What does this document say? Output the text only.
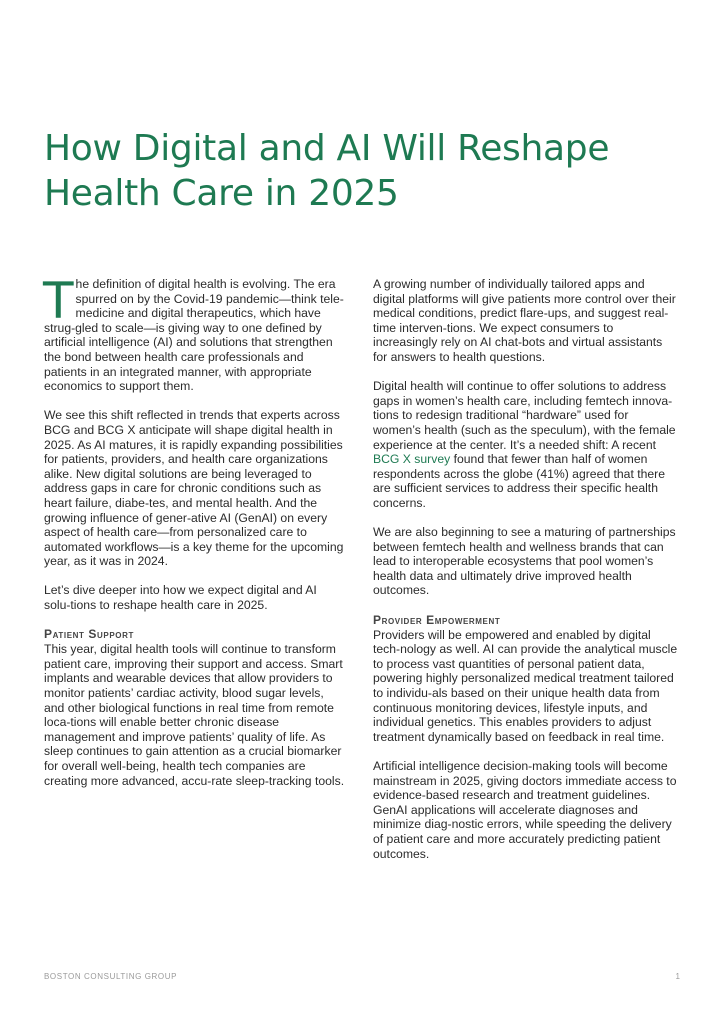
How Digital and AI Will Reshape
Health Care in 2025

The definition of digital health is evolving. The era spurred on by the Covid-19 pandemic—think tele-medicine and digital therapeutics, which have strug-gled to scale—is giving way to one defined by artificial intelligence (AI) and solutions that strengthen the bond between health care professionals and patients in an integrated manner, with appropriate economics to support them.

We see this shift reflected in trends that experts across BCG and BCG X anticipate will shape digital health in 2025. As AI matures, it is rapidly expanding possibilities for patients, providers, and health care organizations alike. New digital solutions are being leveraged to address gaps in care for chronic conditions such as heart failure, diabe-tes, and mental health. And the growing influence of gener-ative AI (GenAI) on every aspect of health care—from personalized care to automated workflows—is a key theme for the upcoming year, as it was in 2024.

Let’s dive deeper into how we expect digital and AI solu-tions to reshape health care in 2025.

Patient Support

This year, digital health tools will continue to transform patient care, improving their support and access. Smart implants and wearable devices that allow providers to monitor patients’ cardiac activity, blood sugar levels, and other biological functions in real time from remote loca-tions will enable better chronic disease management and improve patients’ quality of life. As sleep continues to gain attention as a crucial biomarker for overall well-being, health tech companies are creating more advanced, accu-rate sleep-tracking tools.

A growing number of individually tailored apps and digital platforms will give patients more control over their medical conditions, predict flare-ups, and suggest real-time interven-tions. We expect consumers to increasingly rely on AI chat-bots and virtual assistants for answers to health questions.

Digital health will continue to offer solutions to address gaps in women’s health care, including femtech innova-tions to redesign traditional “hardware” used for women’s health (such as the speculum), with the female experience at the center. It’s a needed shift: A recent BCG X survey found that fewer than half of women respondents across the globe (41%) agreed that there are sufficient services to address their specific health concerns.

We are also beginning to see a maturing of partnerships between femtech health and wellness brands that can lead to interoperable ecosystems that pool women’s health data and ultimately drive improved health outcomes.

Provider Empowerment

Providers will be empowered and enabled by digital tech-nology as well. AI can provide the analytical muscle to process vast quantities of personal patient data, powering highly personalized medical treatment tailored to individu-als based on their unique health data from continuous monitoring devices, lifestyle inputs, and individual genetics. This enables providers to adjust treatment dynamically based on feedback in real time.

Artificial intelligence decision-making tools will become mainstream in 2025, giving doctors immediate access to evidence-based research and treatment guidelines. GenAI applications will accelerate diagnoses and minimize diag-nostic errors, while speeding the delivery of patient care and more accurately predicting patient outcomes.

BOSTON CONSULTING GROUP	1
